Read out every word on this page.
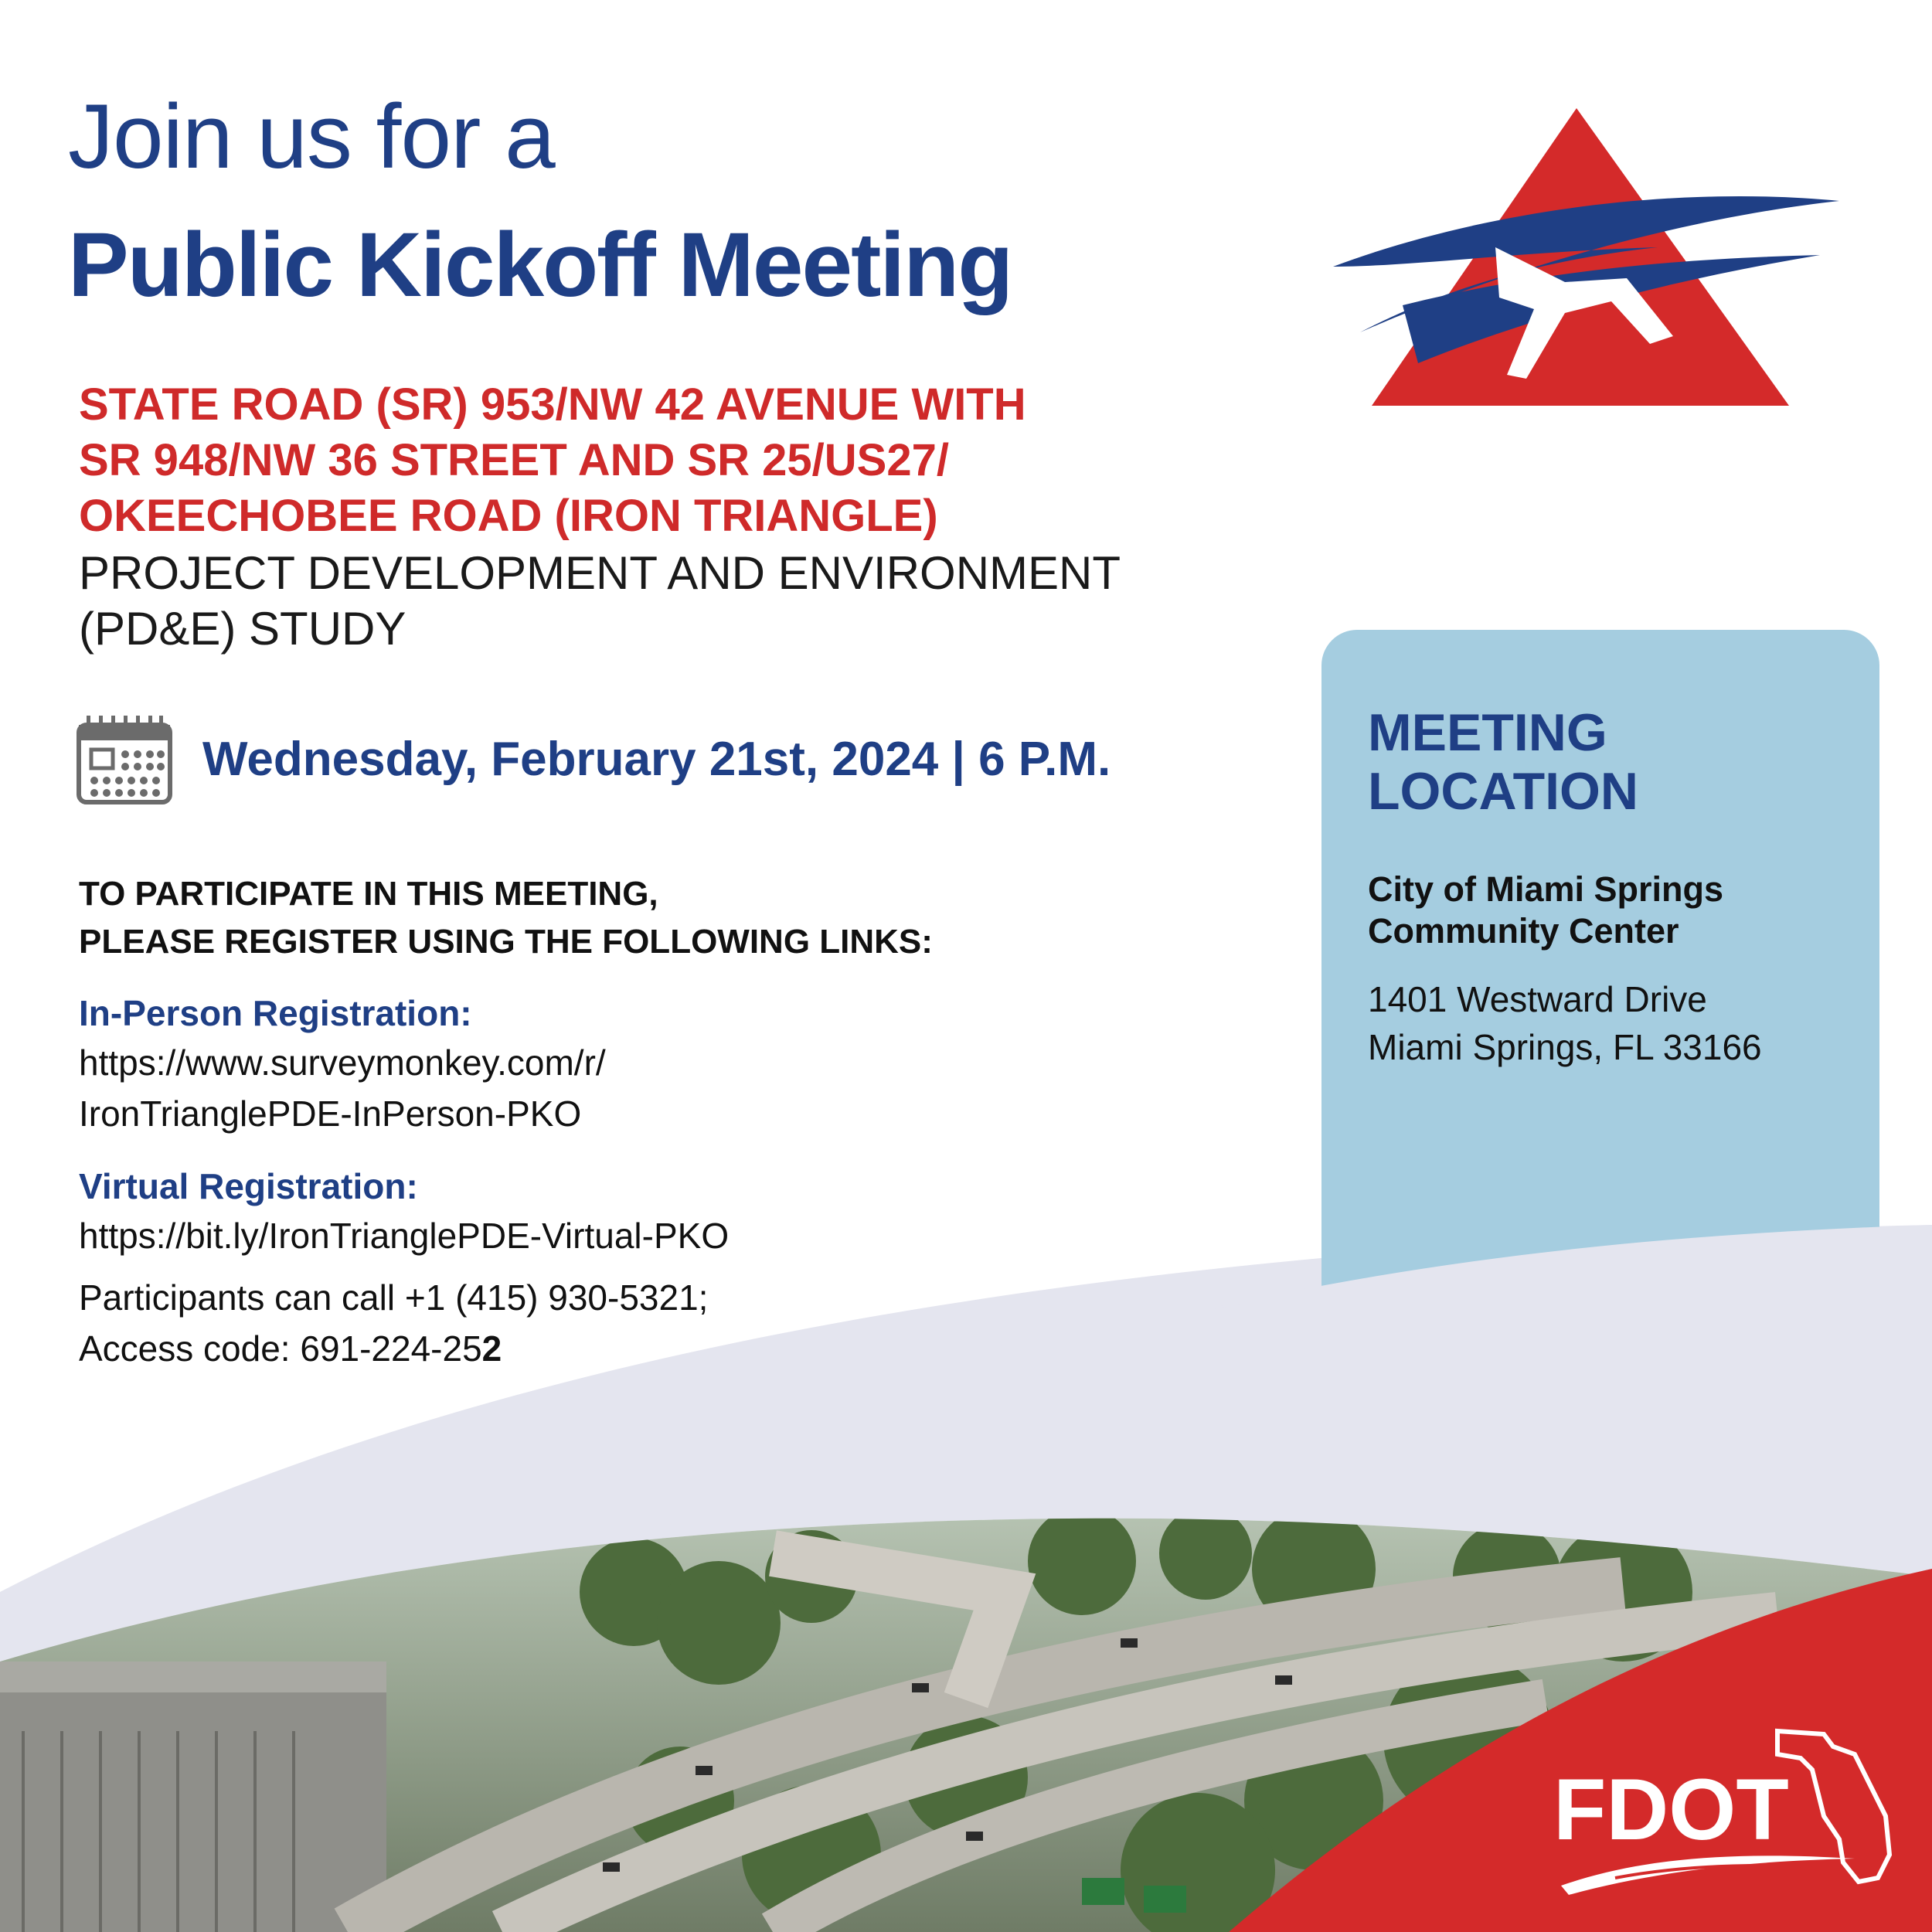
Join us for a
Public Kickoff Meeting
STATE ROAD (SR) 953/NW 42 AVENUE WITH
SR 948/NW 36 STREET AND SR 25/US27/
OKEECHOBEE ROAD (IRON TRIANGLE)
PROJECT DEVELOPMENT AND ENVIRONMENT
(PD&E) STUDY
Wednesday, February 21st, 2024 | 6 P.M.
TO PARTICIPATE IN THIS MEETING,
PLEASE REGISTER USING THE FOLLOWING LINKS:
In-Person Registration:
https://www.surveymonkey.com/r/
IronTrianglePDE-InPerson-PKO
Virtual Registration:
https://bit.ly/IronTrianglePDE-Virtual-PKO
Participants can call +1 (415) 930-5321;
Access code: 691-224-252
MEETING
LOCATION
City of Miami Springs
Community Center
1401 Westward Drive
Miami Springs, FL 33166
FDOT
